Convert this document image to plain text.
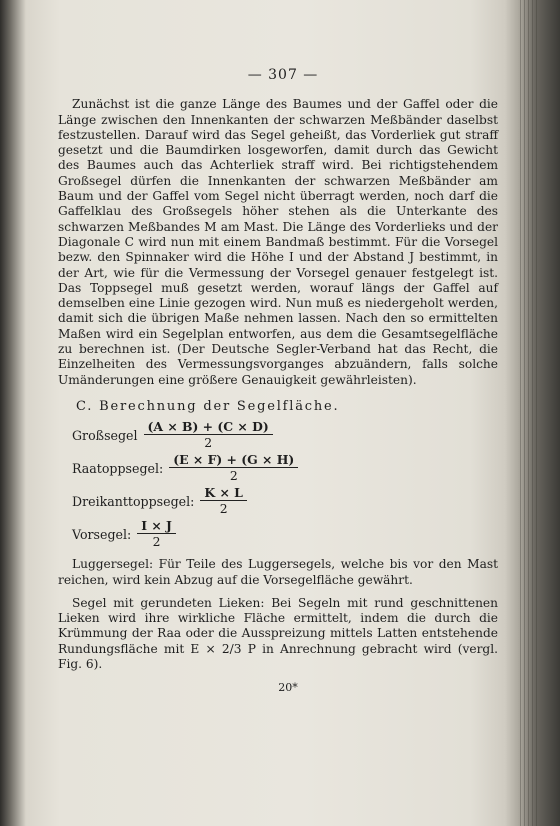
— 307 —

Zunächst ist die ganze Länge des Baumes und der Gaffel oder die Länge zwischen den Innenkanten der schwarzen Meßbänder daselbst festzustellen. Darauf wird das Segel geheißt, das Vorderliek gut straff gesetzt und die Baumdirken losgeworfen, damit durch das Gewicht des Baumes auch das Achterliek straff wird. Bei richtigstehendem Großsegel dürfen die Innenkanten der schwarzen Meßbänder am Baum und der Gaffel vom Segel nicht überragt werden, noch darf die Gaffelklau des Großsegels höher stehen als die Unterkante des schwarzen Meßbandes M am Mast. Die Länge des Vorderlieks und der Diagonale C wird nun mit einem Bandmaß bestimmt. Für die Vorsegel bezw. den Spinnaker wird die Höhe I und der Abstand J bestimmt, in der Art, wie für die Vermessung der Vorsegel genauer festgelegt ist. Das Toppsegel muß gesetzt werden, worauf längs der Gaffel auf demselben eine Linie gezogen wird. Nun muß es niedergeholt werden, damit sich die übrigen Maße nehmen lassen. Nach den so ermittelten Maßen wird ein Segelplan entworfen, aus dem die Gesamtsegelfläche zu berechnen ist. (Der Deutsche Segler-Verband hat das Recht, die Einzelheiten des Vermessungsvorganges abzuändern, falls solche Umänderungen eine größere Genauigkeit gewährleisten).

C. Berechnung der Segelfläche.
Großsegel $\frac{(A \times B) + (C \times D)}{2}$
Raatoppsegel: $\frac{(E \times F) + (G \times H)}{2}$
Dreikanttoppsegel: $\frac{K \times L}{2}$
Vorsegel: $\frac{I \times J}{2}$

Luggersegel: Für Teile des Luggersegels, welche bis vor den Mast reichen, wird kein Abzug auf die Vorsegelfläche gewährt.

Segel mit gerundeten Lieken: Bei Segeln mit rund geschnittenen Lieken wird ihre wirkliche Fläche ermittelt, indem die durch die Krümmung der Raa oder die Ausspreizung mittels Latten entstehende Rundungsfläche mit E × 2/3 P in Anrechnung gebracht wird (vergl. Fig. 6).

20*
